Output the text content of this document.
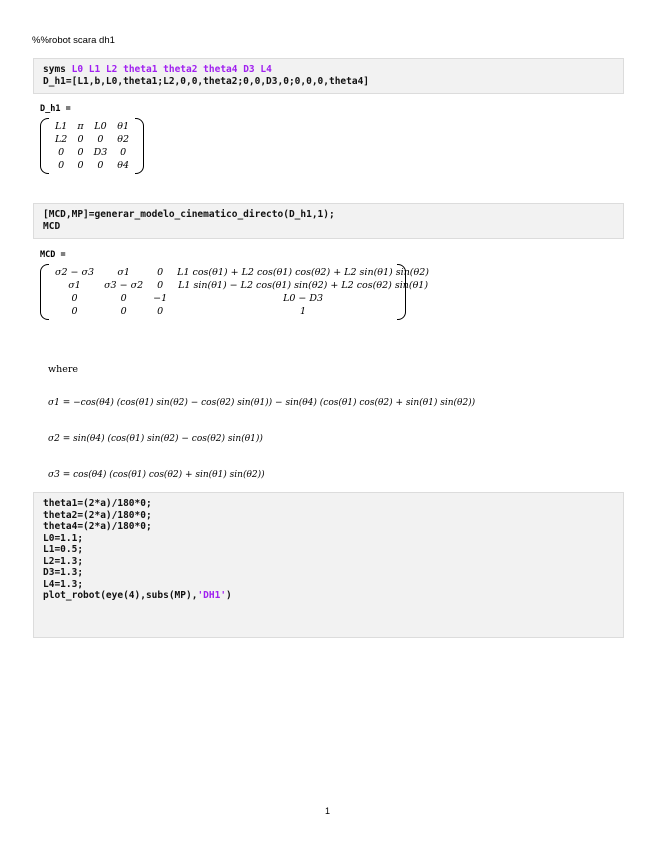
%%robot scara dh1
syms L0 L1 L2 theta1 theta2 theta4 D3 L4
D_h1=[L1,b,L0,theta1;L2,0,0,theta2;0,0,D3,0;0,0,0,theta4]
D_h1 =
L1	π	L0	θ1
L2	0	0	θ2
0	0	D3	0
0	0	0	θ4
[MCD,MP]=generar_modelo_cinematico_directo(D_h1,1);
MCD
MCD =
σ2 − σ3	σ1	0	L1 cos(θ1) + L2 cos(θ1) cos(θ2) + L2 sin(θ1) sin(θ2)
σ1	σ3 − σ2	0	L1 sin(θ1) − L2 cos(θ1) sin(θ2) + L2 cos(θ2) sin(θ1)
0	0	−1	L0 − D3
0	0	0	1
where
σ1 = −cos(θ4) (cos(θ1) sin(θ2) − cos(θ2) sin(θ1)) − sin(θ4) (cos(θ1) cos(θ2) + sin(θ1) sin(θ2))
σ2 = sin(θ4) (cos(θ1) sin(θ2) − cos(θ2) sin(θ1))
σ3 = cos(θ4) (cos(θ1) cos(θ2) + sin(θ1) sin(θ2))
theta1=(2*a)/180*0;
theta2=(2*a)/180*0;
theta4=(2*a)/180*0;
L0=1.1;
L1=0.5;
L2=1.3;
D3=1.3;
L4=1.3;
plot_robot(eye(4),subs(MP),'DH1')
1
